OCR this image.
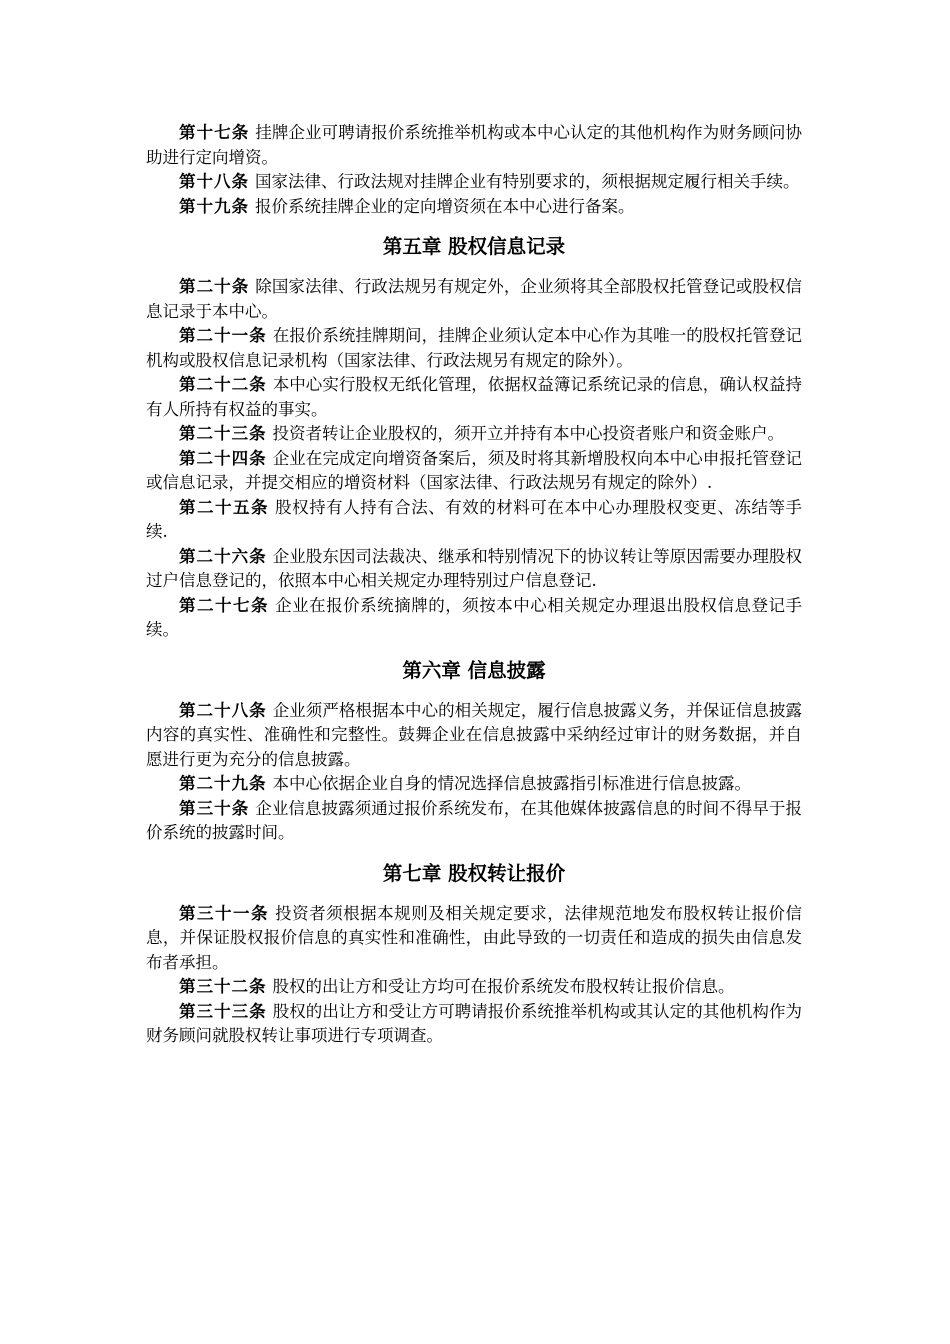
第十七条 挂牌企业可聘请报价系统推举机构或本中心认定的其他机构作为财务顾问协助进行定向增资。

第十八条 国家法律、行政法规对挂牌企业有特别要求的，须根据规定履行相关手续。

第十九条 报价系统挂牌企业的定向增资须在本中心进行备案。

第五章 股权信息记录

第二十条 除国家法律、行政法规另有规定外，企业须将其全部股权托管登记或股权信息记录于本中心。

第二十一条 在报价系统挂牌期间，挂牌企业须认定本中心作为其唯一的股权托管登记机构或股权信息记录机构（国家法律、行政法规另有规定的除外）。

第二十二条 本中心实行股权无纸化管理，依据权益簿记系统记录的信息，确认权益持有人所持有权益的事实。

第二十三条 投资者转让企业股权的，须开立并持有本中心投资者账户和资金账户。

第二十四条 企业在完成定向增资备案后，须及时将其新增股权向本中心申报托管登记或信息记录，并提交相应的增资材料（国家法律、行政法规另有规定的除外）.

第二十五条 股权持有人持有合法、有效的材料可在本中心办理股权变更、冻结等手续.

第二十六条 企业股东因司法裁决、继承和特别情况下的协议转让等原因需要办理股权过户信息登记的，依照本中心相关规定办理特别过户信息登记.

第二十七条 企业在报价系统摘牌的，须按本中心相关规定办理退出股权信息登记手续。

第六章 信息披露

第二十八条 企业须严格根据本中心的相关规定，履行信息披露义务，并保证信息披露内容的真实性、准确性和完整性。鼓舞企业在信息披露中采纳经过审计的财务数据，并自愿进行更为充分的信息披露。

第二十九条 本中心依据企业自身的情况选择信息披露指引标准进行信息披露。

第三十条 企业信息披露须通过报价系统发布，在其他媒体披露信息的时间不得早于报价系统的披露时间。

第七章 股权转让报价

第三十一条 投资者须根据本规则及相关规定要求，法律规范地发布股权转让报价信息，并保证股权报价信息的真实性和准确性，由此导致的一切责任和造成的损失由信息发布者承担。

第三十二条 股权的出让方和受让方均可在报价系统发布股权转让报价信息。

第三十三条 股权的出让方和受让方可聘请报价系统推举机构或其认定的其他机构作为财务顾问就股权转让事项进行专项调查。
